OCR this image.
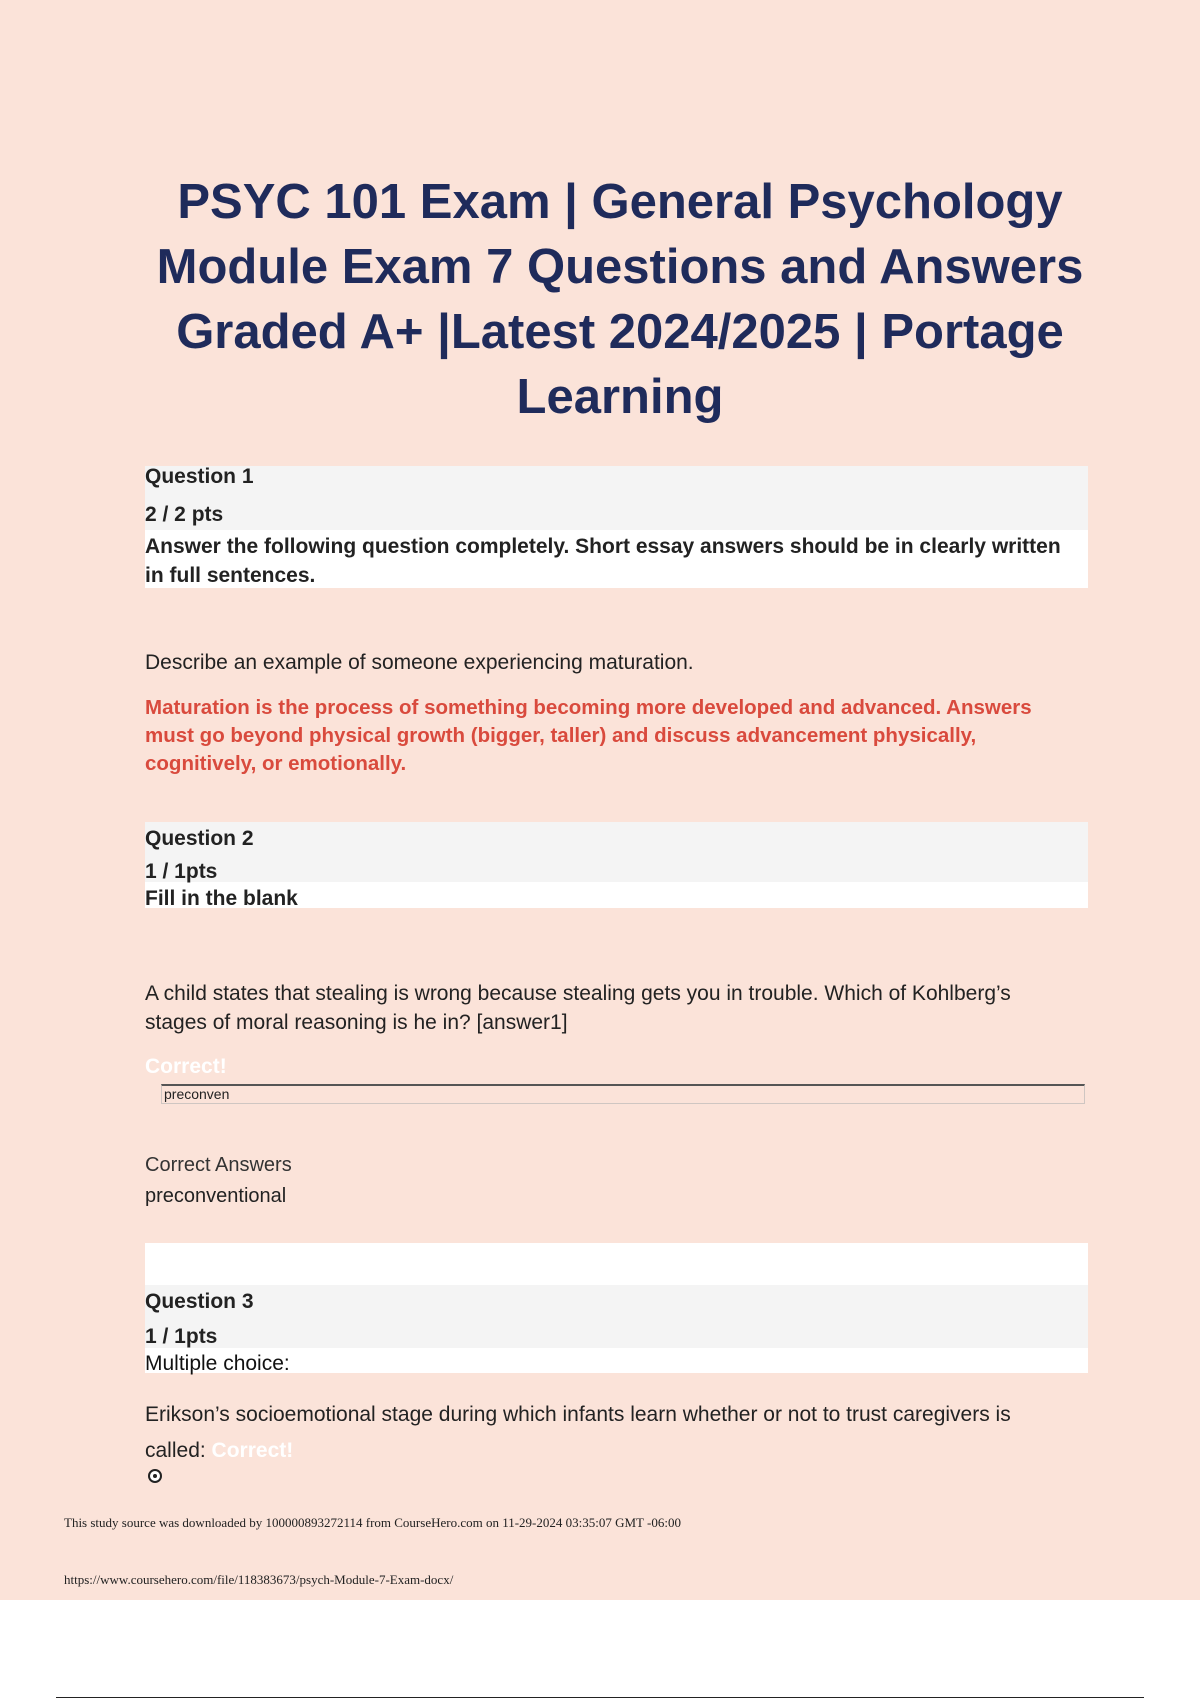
PSYC 101 Exam | General Psychology Module Exam 7 Questions and Answers Graded A+ |Latest 2024/2025 | Portage Learning
Question 1
2 / 2 pts
Answer the following question completely. Short essay answers should be in clearly written in full sentences.
Describe an example of someone experiencing maturation.
Maturation is the process of something becoming more developed and advanced. Answers must go beyond physical growth (bigger, taller) and discuss advancement physically, cognitively, or emotionally.
Question 2
1 / 1pts
Fill in the blank
A child states that stealing is wrong because stealing gets you in trouble. Which of Kohlberg’s stages of moral reasoning is he in? [answer1]
Correct!
preconven
Correct Answers
preconventional
Question 3
1 / 1pts
Multiple choice:
Erikson’s socioemotional stage during which infants learn whether or not to trust caregivers is called: Correct!
This study source was downloaded by 100000893272114 from CourseHero.com on 11-29-2024 03:35:07 GMT -06:00
https://www.coursehero.com/file/118383673/psych-Module-7-Exam-docx/
